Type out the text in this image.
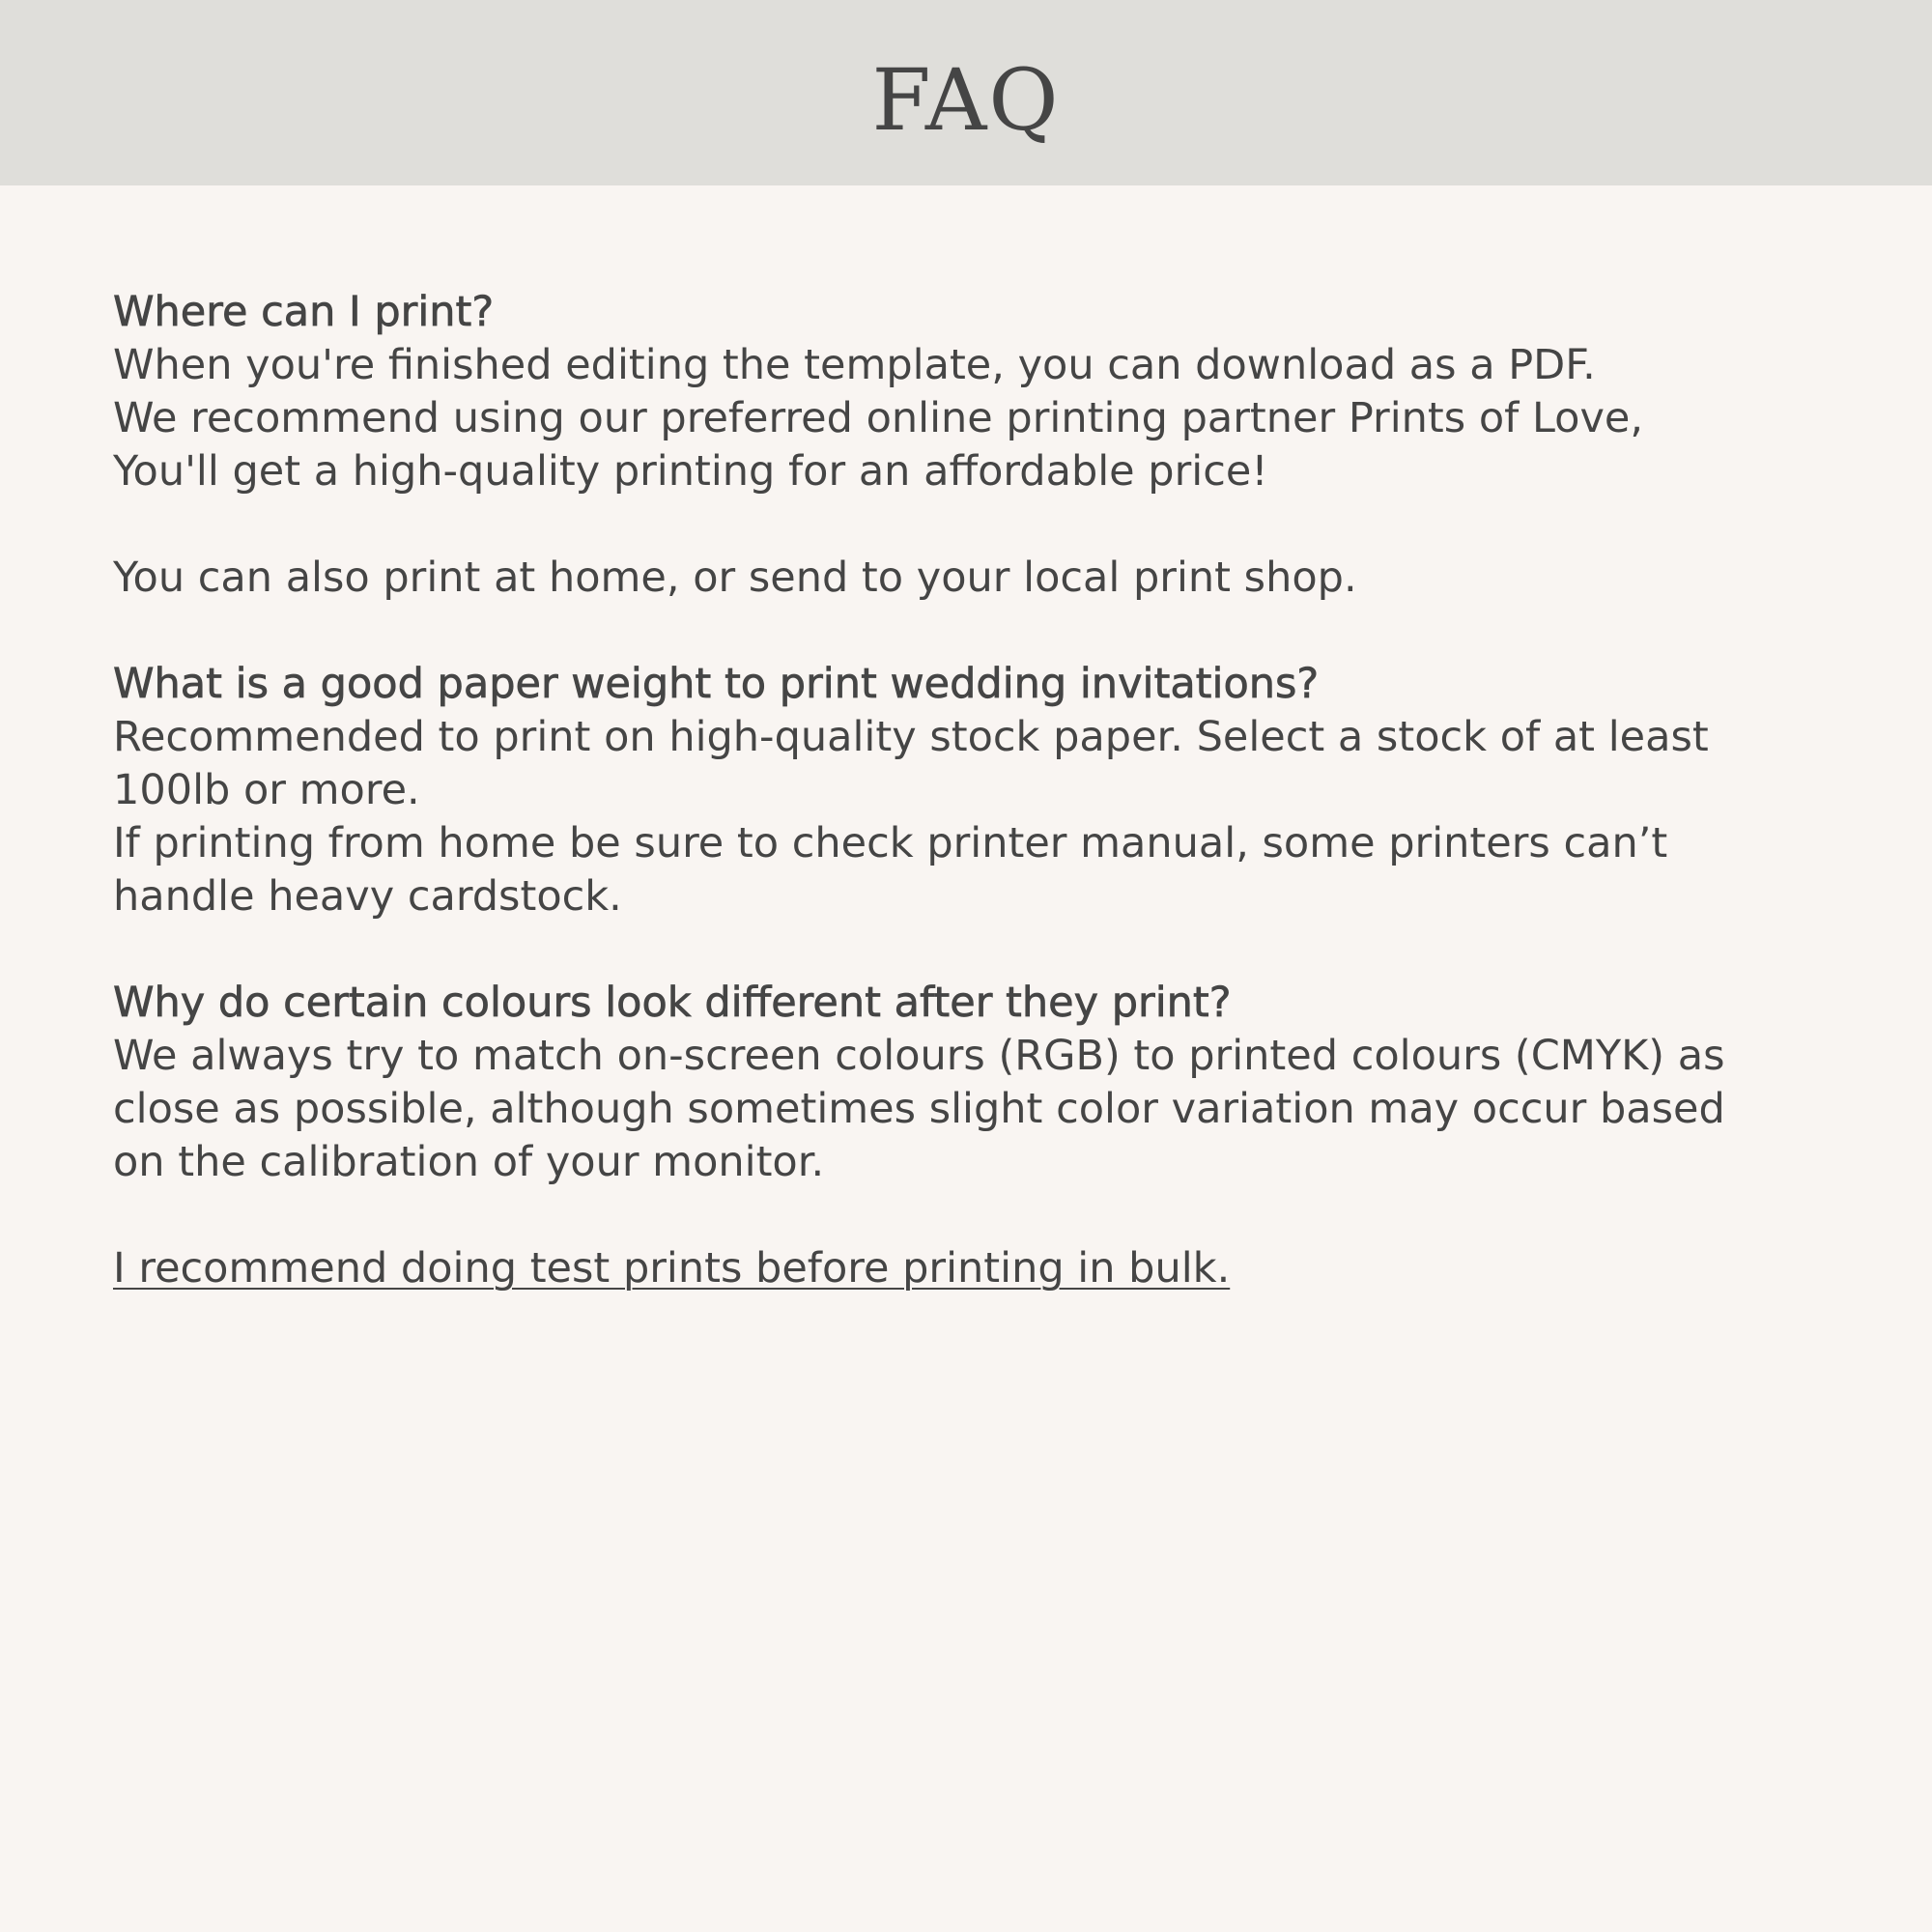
FAQ

Where can I print?

When you're finished editing the template, you can download as a PDF.

We recommend using our preferred online printing partner Prints of Love,

You'll get a high-quality printing for an affordable price!

You can also print at home, or send to your local print shop.

What is a good paper weight to print wedding invitations?

Recommended to print on high-quality stock paper. Select a stock of at least

100lb or more.

If printing from home be sure to check printer manual, some printers can’t

handle heavy cardstock.

Why do certain colours look different after they print?

We always try to match on-screen colours (RGB) to printed colours (CMYK) as

close as possible, although sometimes slight color variation may occur based

on the calibration of your monitor.

I recommend doing test prints before printing in bulk.
